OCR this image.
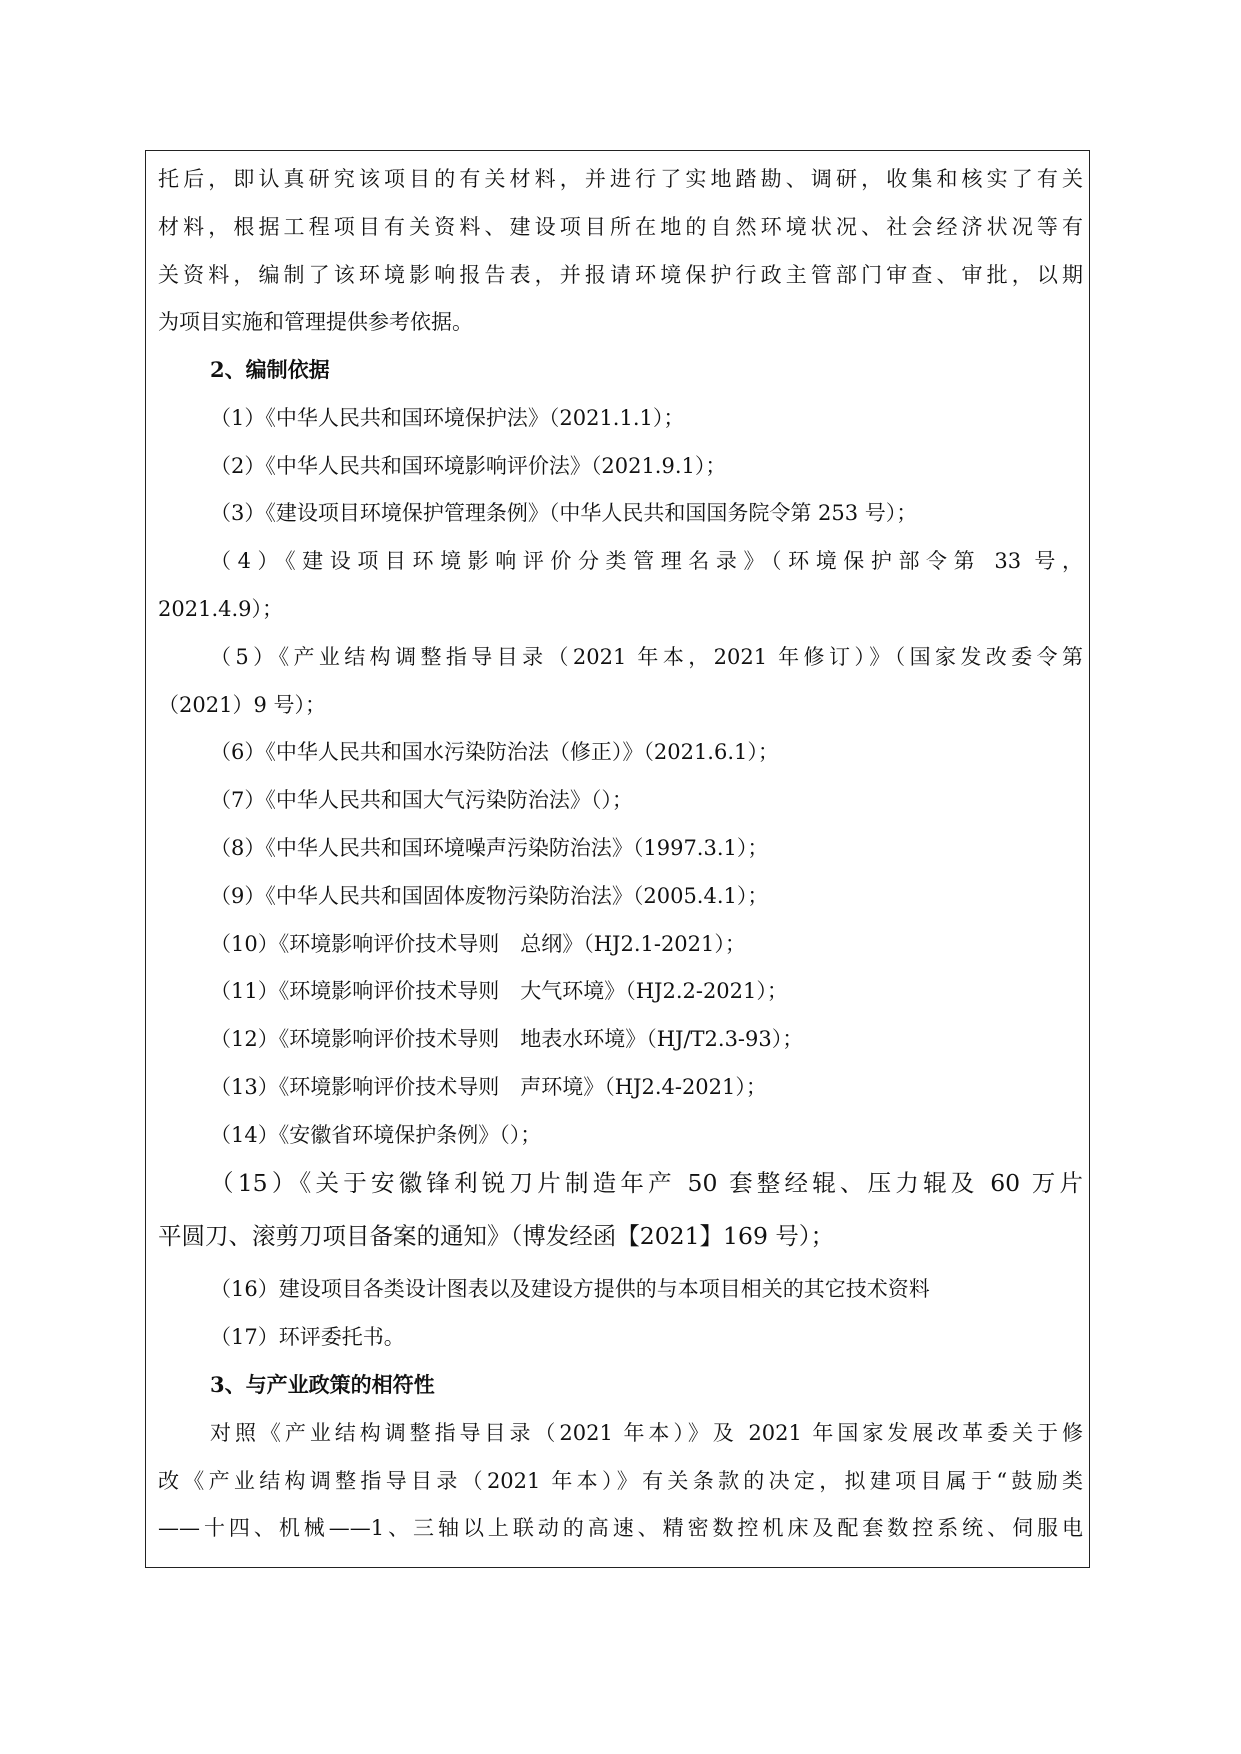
托后，即认真研究该项目的有关材料，并进行了实地踏勘、调研，收集和核实了有关
材料，根据工程项目有关资料、建设项目所在地的自然环境状况、社会经济状况等有
关资料，编制了该环境影响报告表，并报请环境保护行政主管部门审查、审批，以期
为项目实施和管理提供参考依据。
2、编制依据
（1）《中华人民共和国环境保护法》（2021.1.1）；
（2）《中华人民共和国环境影响评价法》（2021.9.1）；
（3）《建设项目环境保护管理条例》（中华人民共和国国务院令第 253 号）；
（4）《建设项目环境影响评价分类管理名录》（环境保护部令第 33 号，
2021.4.9）；
（5）《产业结构调整指导目录（2021 年本，2021 年修订）》（国家发改委令第
（2021）9 号）；
（6）《中华人民共和国水污染防治法（修正）》（2021.6.1）；
（7）《中华人民共和国大气污染防治法》（）；
（8）《中华人民共和国环境噪声污染防治法》（1997.3.1）；
（9）《中华人民共和国固体废物污染防治法》（2005.4.1）；
（10）《环境影响评价技术导则　总纲》（HJ2.1-2021）；
（11）《环境影响评价技术导则　大气环境》（HJ2.2-2021）；
（12）《环境影响评价技术导则　地表水环境》（HJ/T2.3-93）；
（13）《环境影响评价技术导则　声环境》（HJ2.4-2021）；
（14）《安徽省环境保护条例》（）；
（15）《关于安徽锋利锐刀片制造年产 50 套整经辊、压力辊及 60 万片
平圆刀、滚剪刀项目备案的通知》（博发经函【2021】169 号）；
（16）建设项目各类设计图表以及建设方提供的与本项目相关的其它技术资料
（17）环评委托书。
3、与产业政策的相符性
对照《产业结构调整指导目录（2021 年本）》及 2021 年国家发展改革委关于修
改《产业结构调整指导目录（2021 年本）》有关条款的决定，拟建项目属于“鼓励类
——十四、机械——1、三轴以上联动的高速、精密数控机床及配套数控系统、伺服电
